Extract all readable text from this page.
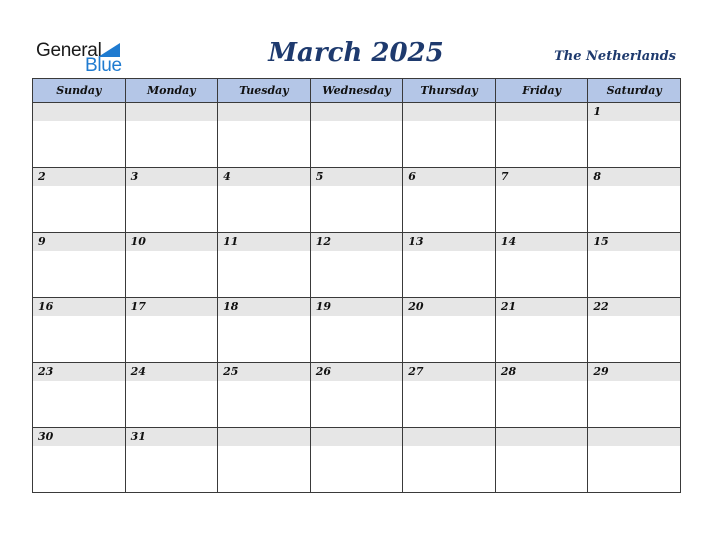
General
Blue	March 2025	The Netherlands
Sunday	Monday	Tuesday	Wednesday	Thursday	Friday	Saturday

						1

2	3	4	5	6	7	8

9	10	11	12	13	14	15

16	17	18	19	20	21	22

23	24	25	26	27	28	29

30	31					
